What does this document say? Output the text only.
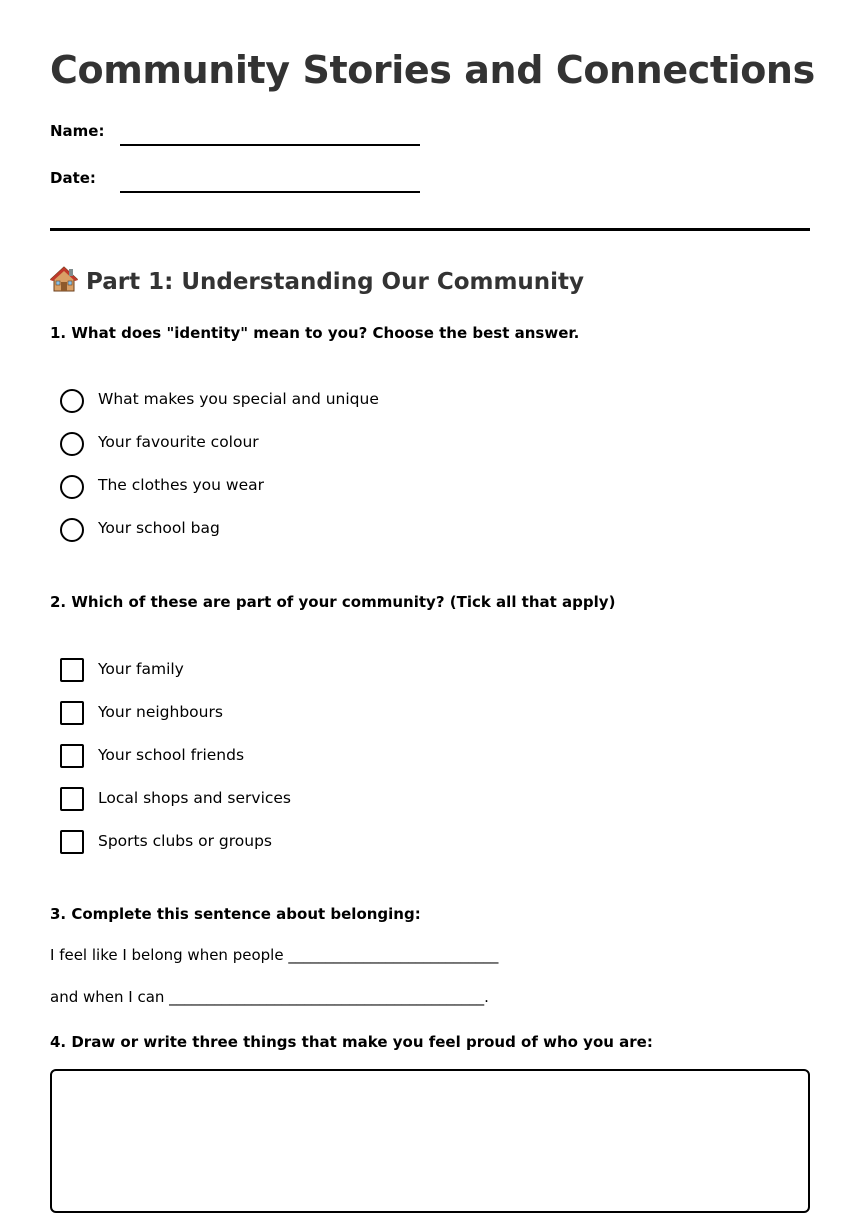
Community Stories and Connections
Name:
Date:
Part 1: Understanding Our Community

1. What does "identity" mean to you? Choose the best answer.

What makes you special and unique
Your favourite colour
The clothes you wear
Your school bag

2. Which of these are part of your community? (Tick all that apply)

Your family
Your neighbours
Your school friends
Local shops and services
Sports clubs or groups

3. Complete this sentence about belonging:

I feel like I belong when people ____________________________
and when I can __________________________________________.

4. Draw or write three things that make you feel proud of who you are:
